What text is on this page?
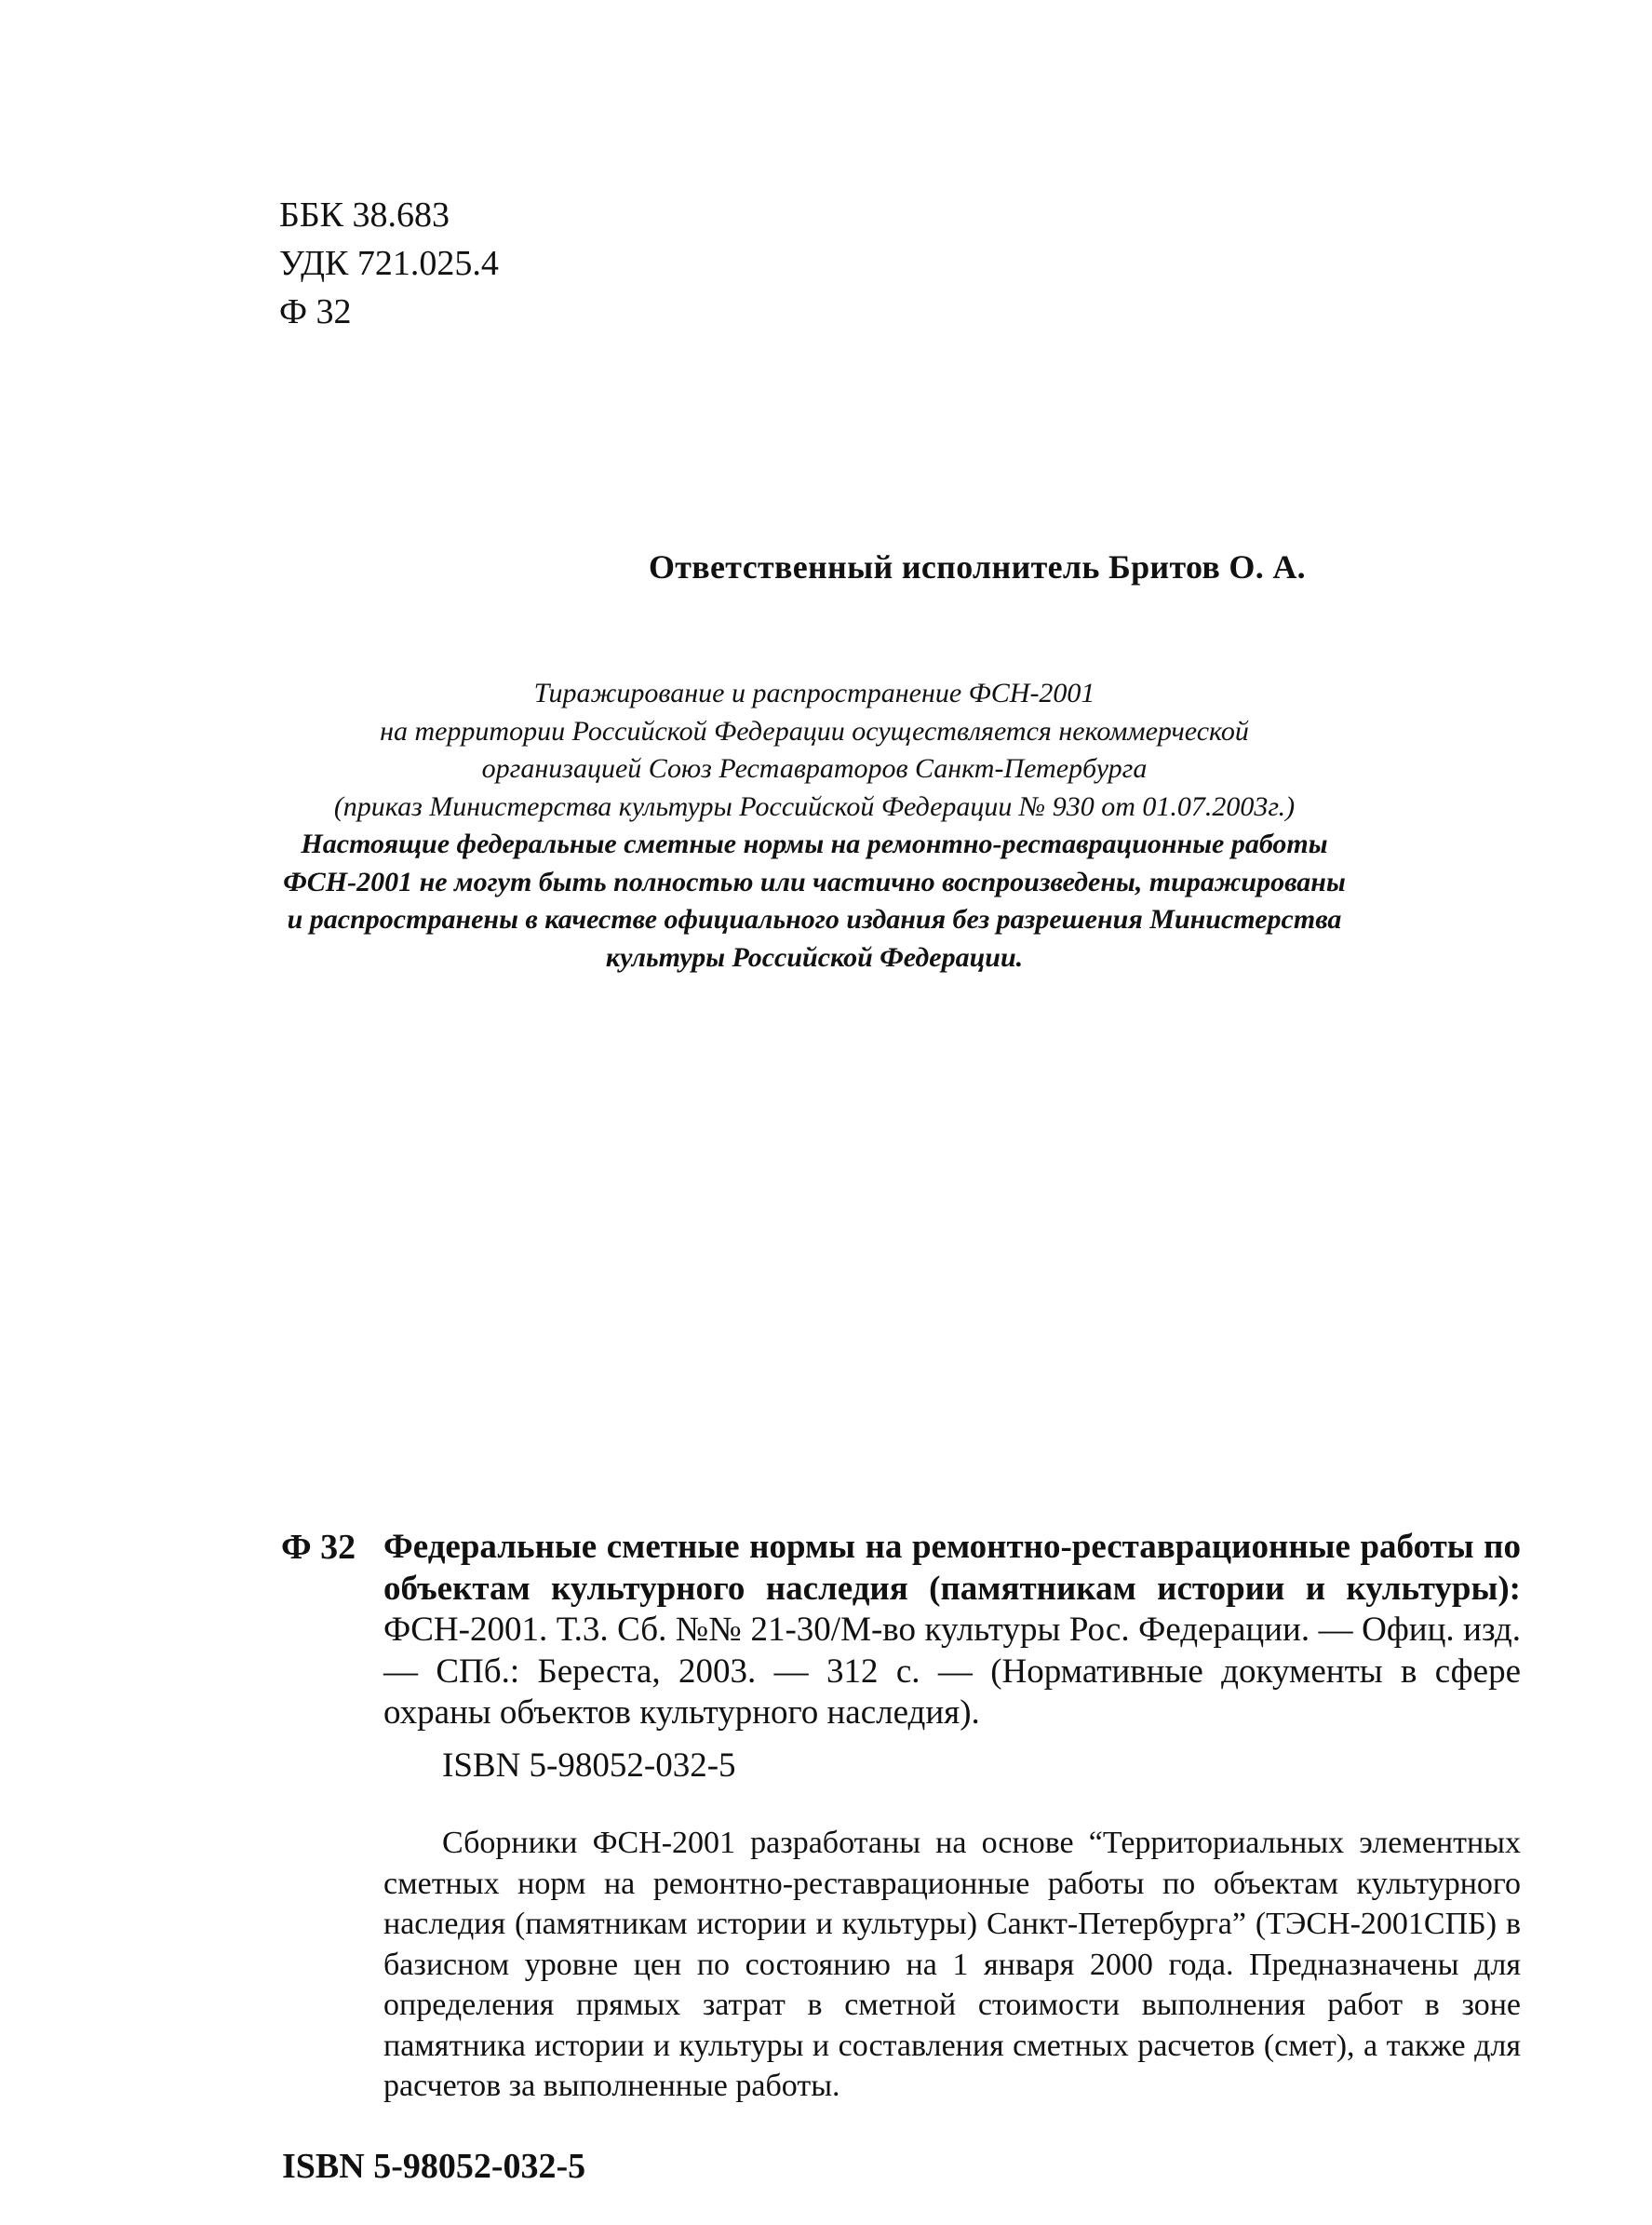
ББК 38.683
УДК 721.025.4
Ф 32
Ответственный исполнитель Бритов О. А.
Тиражирование и распространение ФСН-2001
на территории Российской Федерации осуществляется некоммерческой
организацией Союз Реставраторов Санкт-Петербурга
(приказ Министерства культуры Российской Федерации № 930 от 01.07.2003г.)
Настоящие федеральные сметные нормы на ремонтно-реставрационные работы
ФСН-2001 не могут быть полностью или частично воспроизведены, тиражированы
и распространены в качестве официального издания без разрешения Министерства
культуры Российской Федерации.
Ф 32 Федеральные сметные нормы на ремонтно-реставрационные работы по объектам культурного наследия (памятникам истории и культуры): ФСН-2001. Т.3. Сб. №№ 21-30/М-во культуры Рос. Федерации. — Офиц. изд. — СПб.: Береста, 2003. — 312 с. — (Нормативные документы в сфере охраны объектов культурного наследия).
ISBN 5-98052-032-5
Сборники ФСН-2001 разработаны на основе “Территориальных элементных сметных норм на ремонтно-реставрационные работы по объектам культурного наследия (памятникам истории и культуры) Санкт-Петербурга” (ТЭСН-2001СПБ) в базисном уровне цен по состоянию на 1 января 2000 года. Предназначены для определения прямых затрат в сметной стоимости выполнения работ в зоне памятника истории и культуры и составления сметных расчетов (смет), а также для расчетов за выполненные работы.
ISBN 5-98052-032-5
